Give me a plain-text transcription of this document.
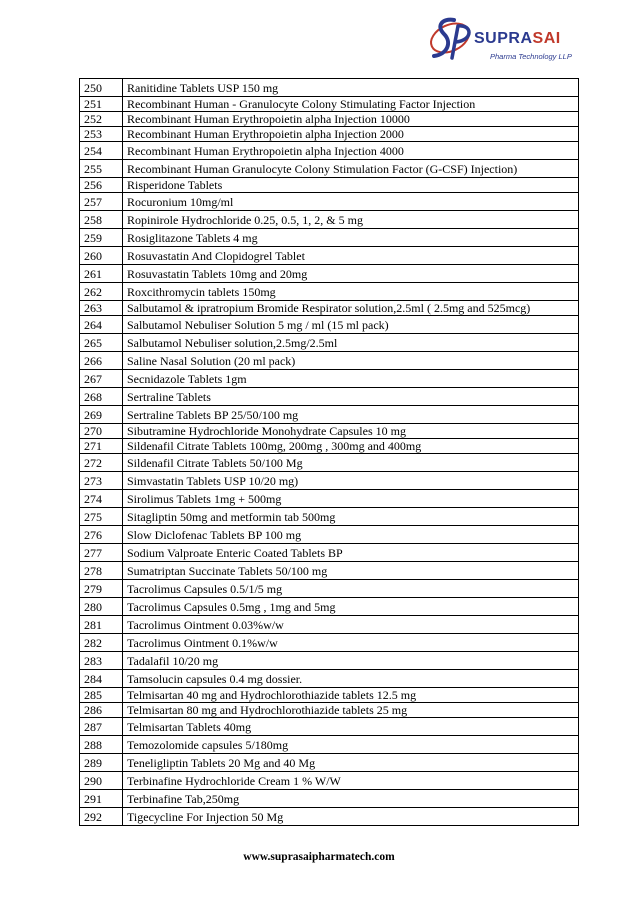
SUPRASAI
Pharma Technology LLP
250	Ranitidine Tablets USP 150 mg
251	Recombinant Human - Granulocyte Colony Stimulating Factor Injection
252	Recombinant Human Erythropoietin alpha Injection 10000
253	Recombinant Human Erythropoietin alpha Injection 2000
254	Recombinant Human Erythropoietin alpha Injection 4000
255	Recombinant Human Granulocyte Colony Stimulation Factor (G-CSF) Injection)
256	Risperidone Tablets
257	Rocuronium 10mg/ml
258	Ropinirole Hydrochloride 0.25, 0.5, 1, 2, & 5 mg
259	Rosiglitazone Tablets 4 mg
260	Rosuvastatin And Clopidogrel Tablet
261	Rosuvastatin Tablets 10mg and 20mg
262	Roxcithromycin tablets 150mg
263	Salbutamol & ipratropium Bromide Respirator solution,2.5ml ( 2.5mg and 525mcg)
264	Salbutamol Nebuliser Solution 5 mg / ml (15 ml pack)
265	Salbutamol Nebuliser solution,2.5mg/2.5ml
266	Saline Nasal Solution (20 ml pack)
267	Secnidazole Tablets 1gm
268	Sertraline Tablets
269	Sertraline Tablets BP 25/50/100 mg
270	Sibutramine Hydrochloride Monohydrate Capsules 10 mg
271	Sildenafil Citrate Tablets 100mg, 200mg , 300mg and 400mg
272	Sildenafil Citrate Tablets 50/100 Mg
273	Simvastatin Tablets USP 10/20 mg)
274	Sirolimus Tablets 1mg + 500mg
275	Sitagliptin 50mg and metformin tab 500mg
276	Slow Diclofenac Tablets BP 100 mg
277	Sodium Valproate Enteric Coated Tablets BP
278	Sumatriptan Succinate Tablets 50/100 mg
279	Tacrolimus Capsules 0.5/1/5 mg
280	Tacrolimus Capsules 0.5mg , 1mg and 5mg
281	Tacrolimus Ointment 0.03%w/w
282	Tacrolimus Ointment 0.1%w/w
283	Tadalafil 10/20 mg
284	Tamsolucin capsules 0.4 mg dossier.
285	Telmisartan 40 mg and Hydrochlorothiazide tablets 12.5 mg
286	Telmisartan 80 mg and Hydrochlorothiazide tablets 25 mg
287	Telmisartan Tablets 40mg
288	Temozolomide capsules 5/180mg
289	Teneligliptin Tablets 20 Mg and 40 Mg
290	Terbinafine Hydrochloride Cream 1 % W/W
291	Terbinafine Tab,250mg
292	Tigecycline For Injection 50 Mg
www.suprasaipharmatech.com
